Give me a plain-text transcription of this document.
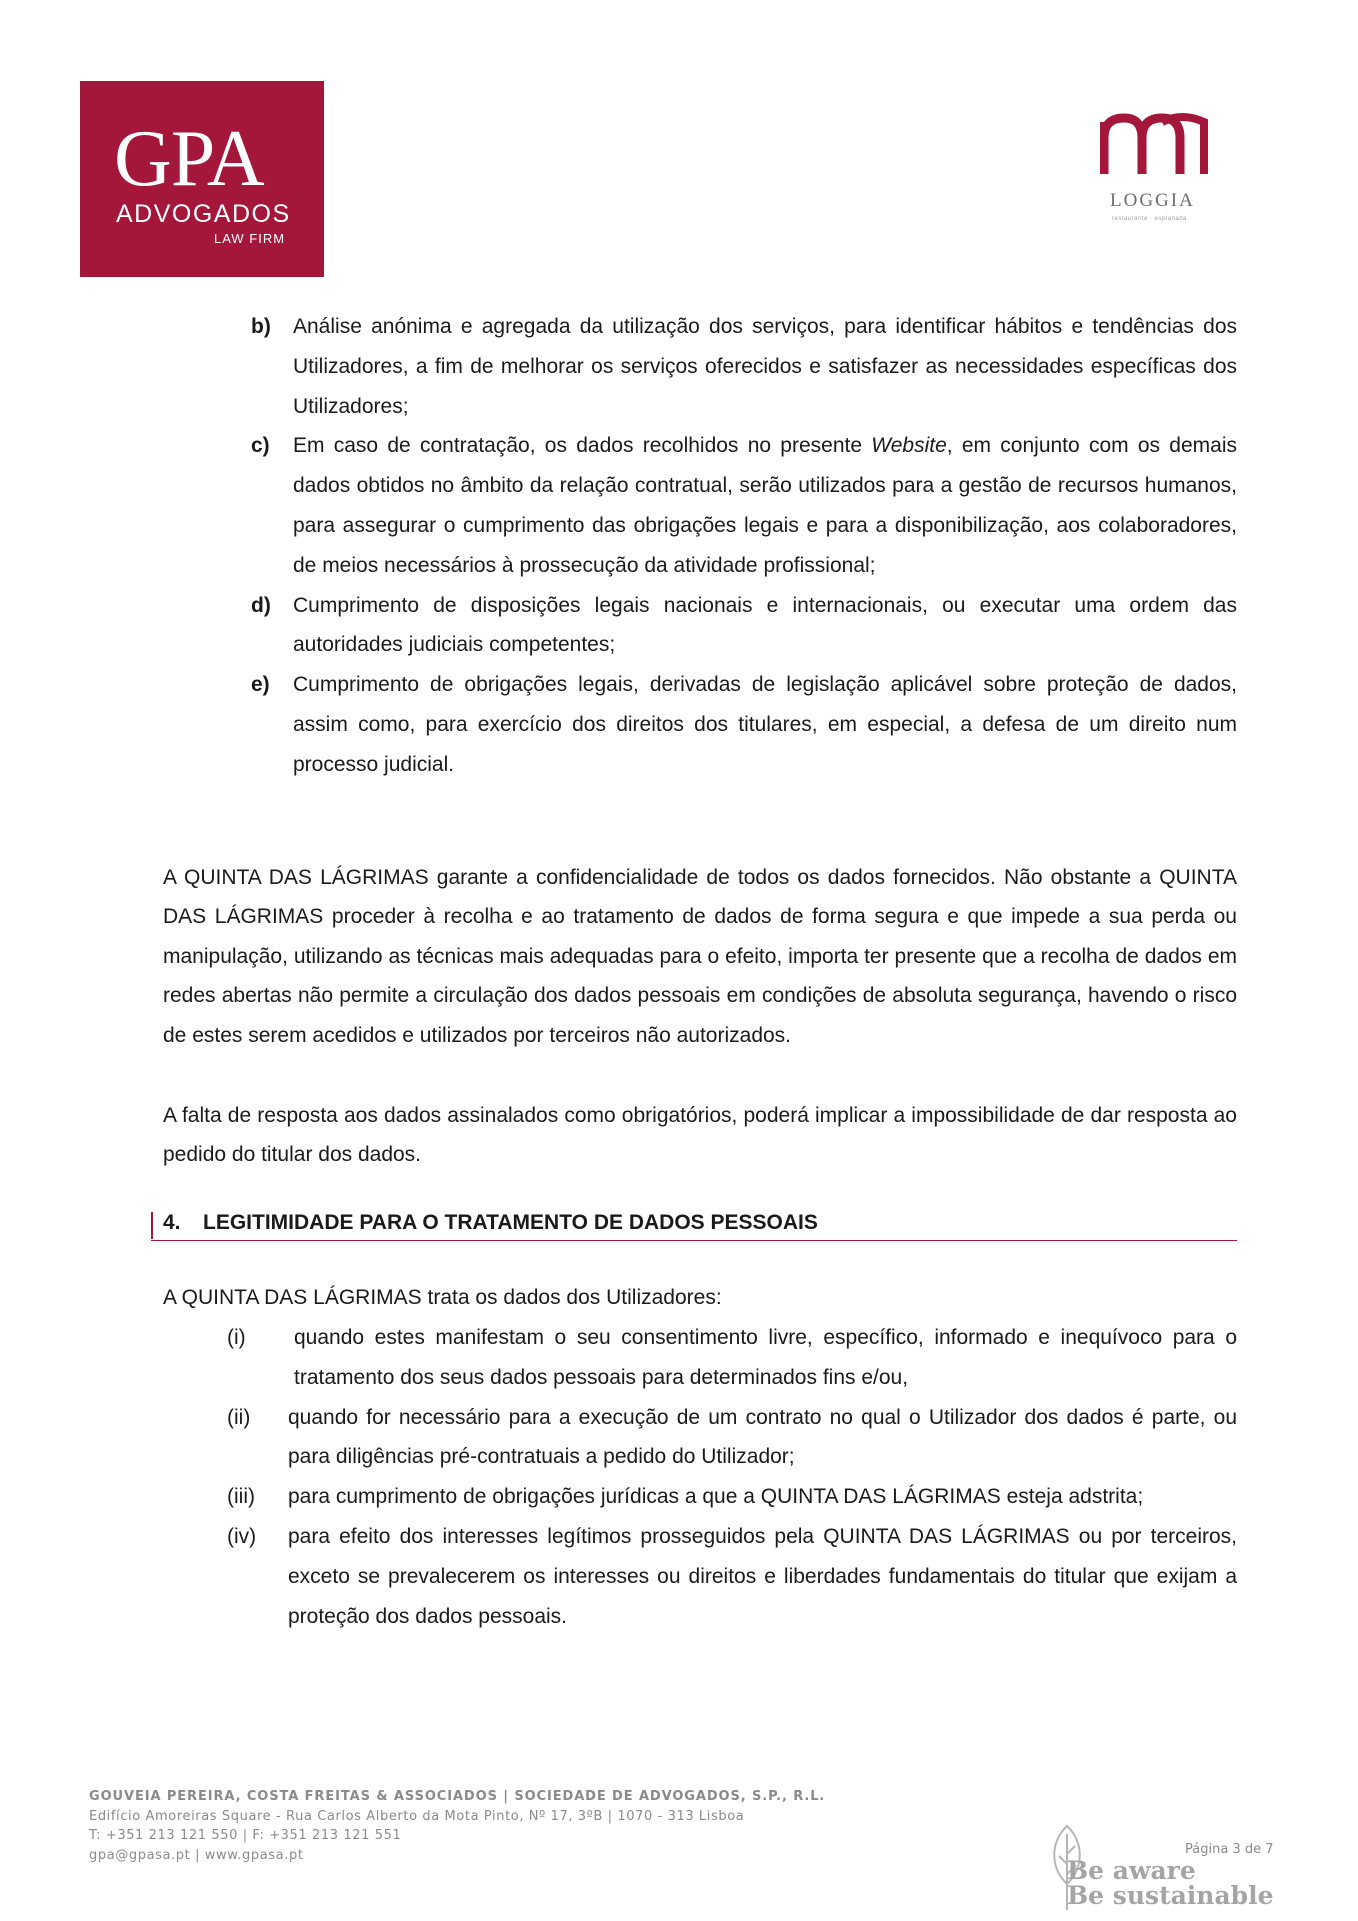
GPA
ADVOGADOS
LAW FIRM
LOGGIA
restaurante · esplanada
b) Análise anónima e agregada da utilização dos serviços, para identificar hábitos e tendências dos Utilizadores, a fim de melhorar os serviços oferecidos e satisfazer as necessidades específicas dos Utilizadores;
c) Em caso de contratação, os dados recolhidos no presente Website, em conjunto com os demais dados obtidos no âmbito da relação contratual, serão utilizados para a gestão de recursos humanos, para assegurar o cumprimento das obrigações legais e para a disponibilização, aos colaboradores, de meios necessários à prossecução da atividade profissional;
d) Cumprimento de disposições legais nacionais e internacionais, ou executar uma ordem das autoridades judiciais competentes;
e) Cumprimento de obrigações legais, derivadas de legislação aplicável sobre proteção de dados, assim como, para exercício dos direitos dos titulares, em especial, a defesa de um direito num processo judicial.
A QUINTA DAS LÁGRIMAS garante a confidencialidade de todos os dados fornecidos. Não obstante a QUINTA DAS LÁGRIMAS proceder à recolha e ao tratamento de dados de forma segura e que impede a sua perda ou manipulação, utilizando as técnicas mais adequadas para o efeito, importa ter presente que a recolha de dados em redes abertas não permite a circulação dos dados pessoais em condições de absoluta segurança, havendo o risco de estes serem acedidos e utilizados por terceiros não autorizados.
A falta de resposta aos dados assinalados como obrigatórios, poderá implicar a impossibilidade de dar resposta ao pedido do titular dos dados.
4. LEGITIMIDADE PARA O TRATAMENTO DE DADOS PESSOAIS
A QUINTA DAS LÁGRIMAS trata os dados dos Utilizadores:
(i) quando estes manifestam o seu consentimento livre, específico, informado e inequívoco para o tratamento dos seus dados pessoais para determinados fins e/ou,
(ii) quando for necessário para a execução de um contrato no qual o Utilizador dos dados é parte, ou para diligências pré-contratuais a pedido do Utilizador;
(iii) para cumprimento de obrigações jurídicas a que a QUINTA DAS LÁGRIMAS esteja adstrita;
(iv) para efeito dos interesses legítimos prosseguidos pela QUINTA DAS LÁGRIMAS ou por terceiros, exceto se prevalecerem os interesses ou direitos e liberdades fundamentais do titular que exijam a proteção dos dados pessoais.
GOUVEIA PEREIRA, COSTA FREITAS & ASSOCIADOS | SOCIEDADE DE ADVOGADOS, S.P., R.L.
Edifício Amoreiras Square - Rua Carlos Alberto da Mota Pinto, Nº 17, 3ºB | 1070 - 313 Lisboa
T: +351 213 121 550 | F: +351 213 121 551
gpa@gpasa.pt | www.gpasa.pt	Página 3 de 7
Be aware
Be sustainable
